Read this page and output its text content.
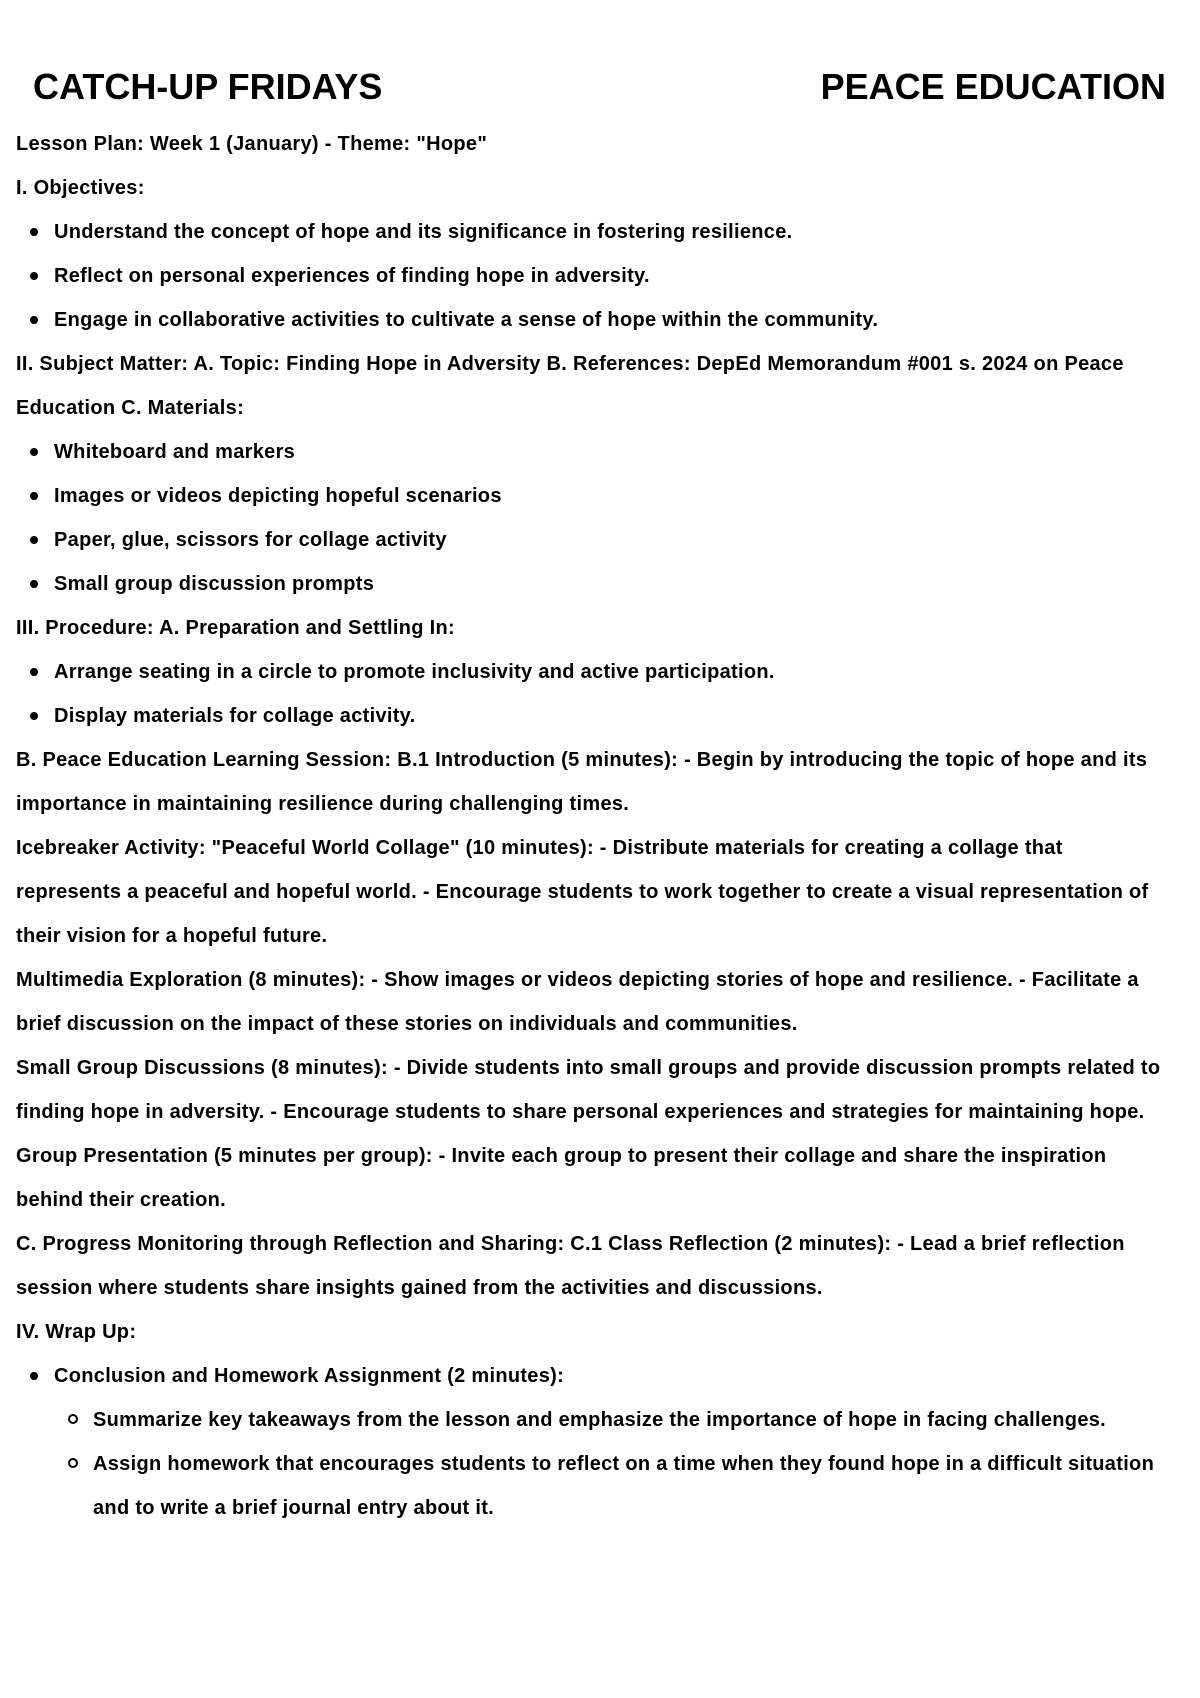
CATCH-UP FRIDAYS	PEACE EDUCATION

Lesson Plan: Week 1 (January) - Theme: "Hope"

I. Objectives:

Understand the concept of hope and its significance in fostering resilience.
Reflect on personal experiences of finding hope in adversity.
Engage in collaborative activities to cultivate a sense of hope within the community.

II. Subject Matter: A. Topic: Finding Hope in Adversity B. References: DepEd Memorandum #001 s. 2024 on Peace Education C. Materials:

Whiteboard and markers
Images or videos depicting hopeful scenarios
Paper, glue, scissors for collage activity
Small group discussion prompts

III. Procedure: A. Preparation and Settling In:

Arrange seating in a circle to promote inclusivity and active participation.
Display materials for collage activity.

B. Peace Education Learning Session: B.1 Introduction (5 minutes): - Begin by introducing the topic of hope and its importance in maintaining resilience during challenging times.

Icebreaker Activity: "Peaceful World Collage" (10 minutes): - Distribute materials for creating a collage that represents a peaceful and hopeful world. - Encourage students to work together to create a visual representation of their vision for a hopeful future.

Multimedia Exploration (8 minutes): - Show images or videos depicting stories of hope and resilience. - Facilitate a brief discussion on the impact of these stories on individuals and communities.

Small Group Discussions (8 minutes): - Divide students into small groups and provide discussion prompts related to finding hope in adversity. - Encourage students to share personal experiences and strategies for maintaining hope.

Group Presentation (5 minutes per group): - Invite each group to present their collage and share the inspiration behind their creation.

C. Progress Monitoring through Reflection and Sharing: C.1 Class Reflection (2 minutes): - Lead a brief reflection session where students share insights gained from the activities and discussions.

IV. Wrap Up:

Conclusion and Homework Assignment (2 minutes):
Summarize key takeaways from the lesson and emphasize the importance of hope in facing challenges.
Assign homework that encourages students to reflect on a time when they found hope in a difficult situation and to write a brief journal entry about it.
